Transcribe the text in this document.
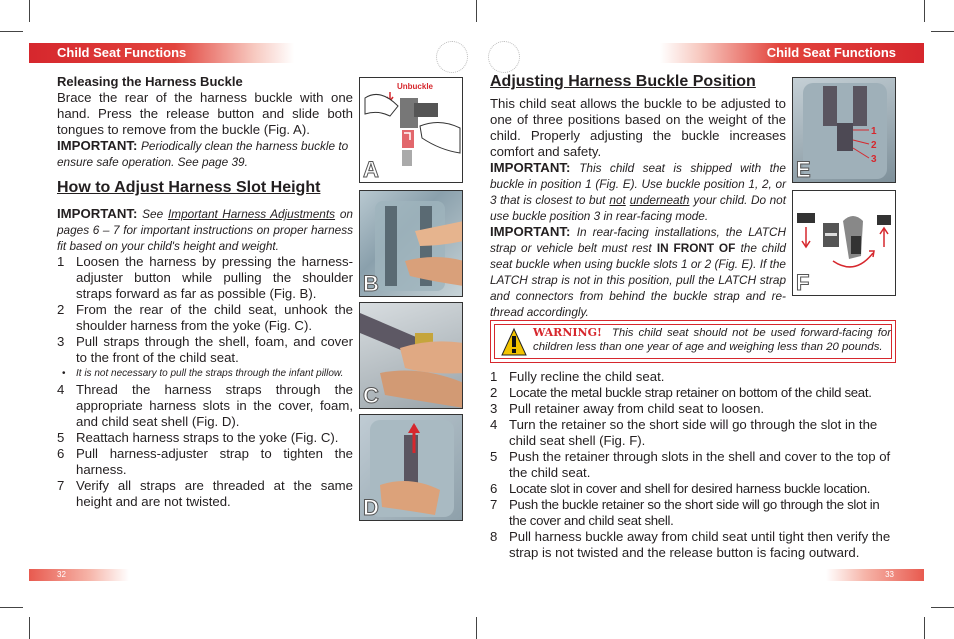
Child Seat Functions	Child Seat Functions
Releasing the Harness Buckle
Brace the rear of the harness buckle with one hand. Press the release button and slide both tongues to remove from the buckle (Fig. A).
IMPORTANT: Periodically clean the harness buckle to ensure safe operation. See page 39.
How to Adjust Harness Slot Height
IMPORTANT: See Important Harness Adjustments on pages 6 – 7 for important instructions on proper harness fit based on your child's height and weight.
1 Loosen the harness by pressing the harness-adjuster button while pulling the shoulder straps forward as far as possible (Fig. B).
2 From the rear of the child seat, unhook the shoulder harness from the yoke (Fig. C).
3 Pull straps through the shell, foam, and cover to the front of the child seat.
• It is not necessary to pull the straps through the infant pillow.
4 Thread the harness straps through the appropriate harness slots in the cover, foam, and child seat shell (Fig. D).
5 Reattach harness straps to the yoke (Fig. C).
6 Pull harness-adjuster strap to tighten the harness.
7 Verify all straps are threaded at the same height and are not twisted.
Unbuckle
A
B
C
D
Adjusting Harness Buckle Position
This child seat allows the buckle to be adjusted to one of three positions based on the weight of the child. Properly adjusting the buckle increases comfort and safety.
IMPORTANT: This child seat is shipped with the buckle in position 1 (Fig. E). Use buckle position 1, 2, or 3 that is closest to but not underneath your child. Do not use buckle position 3 in rear-facing mode.
IMPORTANT: In rear-facing installations, the LATCH strap or vehicle belt must rest IN FRONT OF the child seat buckle when using buckle slots 1 or 2 (Fig. E). If the LATCH strap is not in this position, pull the LATCH strap and connectors from behind the buckle strap and re-thread accordingly.
1
2
3
E
F
WARNING! This child seat should not be used forward-facing for children less than one year of age and weighing less than 20 pounds.
1 Fully recline the child seat.
2 Locate the metal buckle strap retainer on bottom of the child seat.
3 Pull retainer away from child seat to loosen.
4 Turn the retainer so the short side will go through the slot in the child seat shell (Fig. F).
5 Push the retainer through slots in the shell and cover to the top of the child seat.
6 Locate slot in cover and shell for desired harness buckle location.
7 Push the buckle retainer so the short side will go through the slot in the cover and child seat shell.
8 Pull harness buckle away from child seat until tight then verify the strap is not twisted and the release button is facing outward.
32	33
